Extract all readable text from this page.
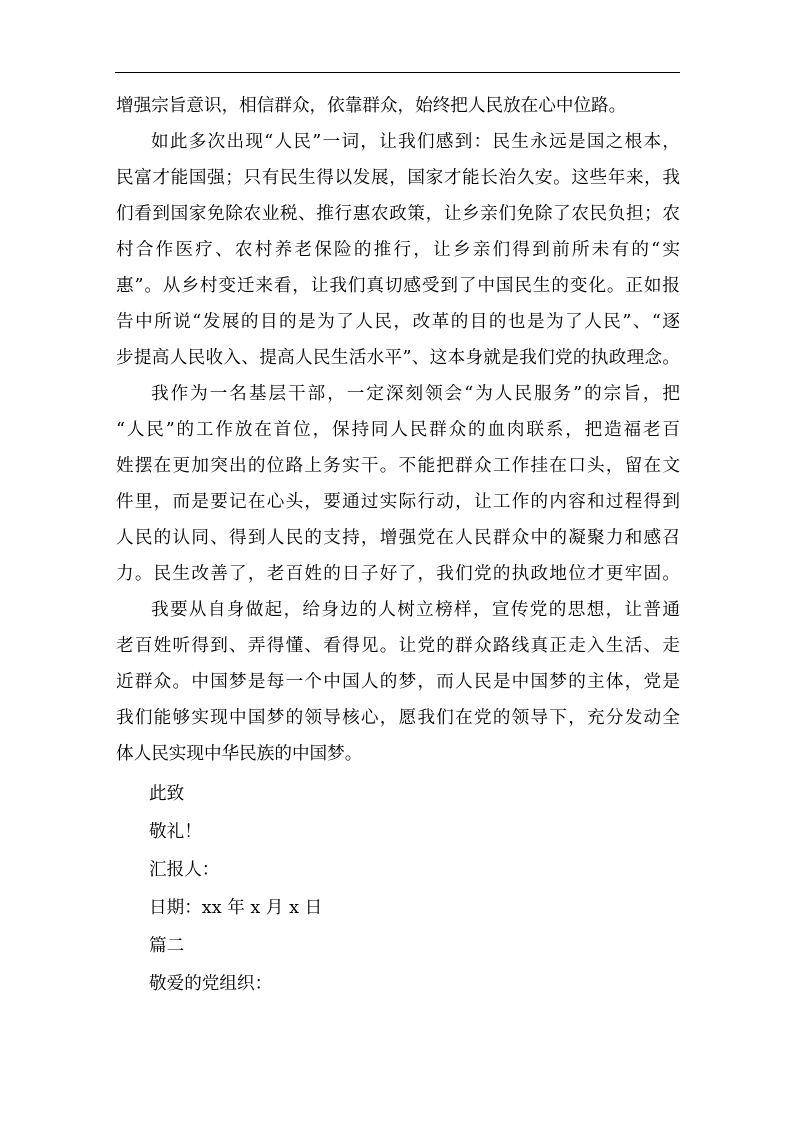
增强宗旨意识，相信群众，依靠群众，始终把人民放在心中位路。

如此多次出现“人民”一词，让我们感到：民生永远是国之根本，
民富才能国强；只有民生得以发展，国家才能长治久安。这些年来，我
们看到国家免除农业税、推行惠农政策，让乡亲们免除了农民负担；农
村合作医疗、农村养老保险的推行，让乡亲们得到前所未有的“实
惠”。从乡村变迁来看，让我们真切感受到了中国民生的变化。正如报
告中所说“发展的目的是为了人民，改革的目的也是为了人民”、“逐
步提高人民收入、提高人民生活水平”、这本身就是我们党的执政理念。

我作为一名基层干部，一定深刻领会“为人民服务”的宗旨，把
“人民”的工作放在首位，保持同人民群众的血肉联系，把造福老百
姓摆在更加突出的位路上务实干。不能把群众工作挂在口头，留在文
件里，而是要记在心头，要通过实际行动，让工作的内容和过程得到
人民的认同、得到人民的支持，增强党在人民群众中的凝聚力和感召
力。民生改善了，老百姓的日子好了，我们党的执政地位才更牢固。

我要从自身做起，给身边的人树立榜样，宣传党的思想，让普通
老百姓听得到、弄得懂、看得见。让党的群众路线真正走入生活、走
近群众。中国梦是每一个中国人的梦，而人民是中国梦的主体，党是
我们能够实现中国梦的领导核心，愿我们在党的领导下，充分发动全
体人民实现中华民族的中国梦。

此致
敬礼！
汇报人：
日期：xx 年 x 月 x 日
篇二
敬爱的党组织：
